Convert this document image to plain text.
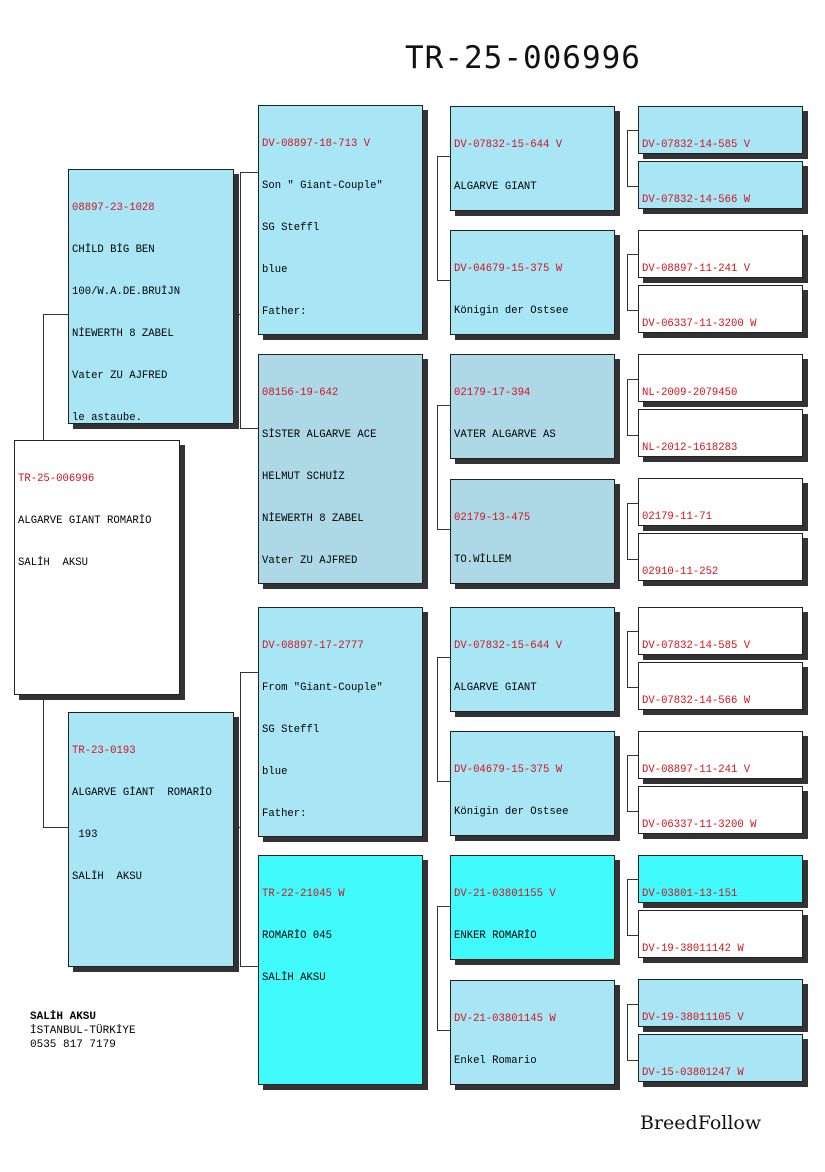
TR-25-006996

TR-25-006996

ALGARVE GIANT ROMARİO

SALİH  AKSU

08897-23-1028

CHİLD BİG BEN

100/W.A.DE.BRUİJN

NİEWERTH 8 ZABEL

Vater ZU AJFRED

le astaube.

TR-23-0193

ALGARVE GİANT  ROMARİO

193

SALİH  AKSU

DV-08897-18-713 V

Son " Giant-Couple"

SG Steffl

blue

Father:

08156-19-642

SİSTER ALGARVE ACE

HELMUT SCHUİZ

NİEWERTH 8 ZABEL

Vater ZU AJFRED

DV-08897-17-2777

From "Giant-Couple"

SG Steffl

blue

Father:

TR-22-21045 W

ROMARİO 045

SALİH AKSU

DV-07832-15-644 V

ALGARVE GIANT

DV-04679-15-375 W

Königin der Ostsee

02179-17-394

VATER ALGARVE AS

02179-13-475

TO.WİLLEM

DV-07832-15-644 V

ALGARVE GIANT

DV-04679-15-375 W

Königin der Ostsee

DV-21-03801155 V

ENKER ROMARİO

DV-21-03801145 W

Enkel Romario

DV-07832-14-585 V

DV-07832-14-566 W

DV-08897-11-241 V

DV-06337-11-3200 W

NL-2009-2079450

NL-2012-1618283

02179-11-71

02910-11-252

DV-07832-14-585 V

DV-07832-14-566 W

DV-08897-11-241 V

DV-06337-11-3200 W

DV-03801-13-151

DV-19-38011142 W

DV-19-38011105 V

DV-15-03801247 W

SALİH AKSU
İSTANBUL-TÜRKİYE
0535 817 7179
BreedFollow
